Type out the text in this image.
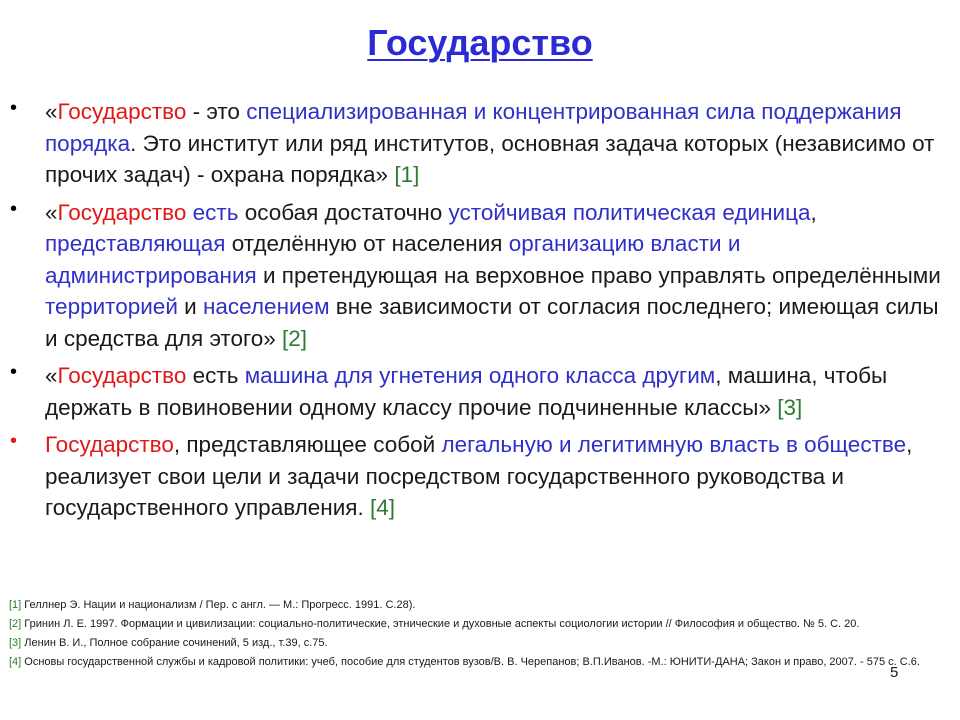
Государство
• «Государство - это специализированная и концентрированная сила поддержания порядка. Это институт или ряд институтов, основная задача которых (независимо от прочих задач) - охрана порядка» [1]
• «Государство есть особая достаточно устойчивая политическая единица, представляющая отделённую от населения организацию власти и администрирования и претендующая на верховное право управлять определёнными территорией и населением вне зависимости от согласия последнего; имеющая силы и средства для этого» [2]
• «Государство есть машина для угнетения одного класса другим, машина, чтобы держать в повиновении одному классу прочие подчиненные классы» [3]
• Государство, представляющее собой легальную и легитимную власть в обществе, реализует свои цели и задачи посредством государственного руководства и государственного управления. [4]
[1] Геллнер Э. Нации и национализм / Пер. с англ. — М.: Прогресс. 1991. С.28).
[2] Гринин Л. Е. 1997. Формации и цивилизации: социально-политические, этнические и духовные аспекты социологии истории // Философия и общество. № 5. С. 20.
[3] Ленин В. И., Полное собрание сочинений, 5 изд., т.39, с.75.
[4] Основы государственной службы и кадровой политики: учеб, пособие для студентов вузов/В. В. Черепанов; В.П.Иванов. -М.: ЮНИТИ-ДАНА; Закон и право, 2007. - 575 с. С.6.
5
